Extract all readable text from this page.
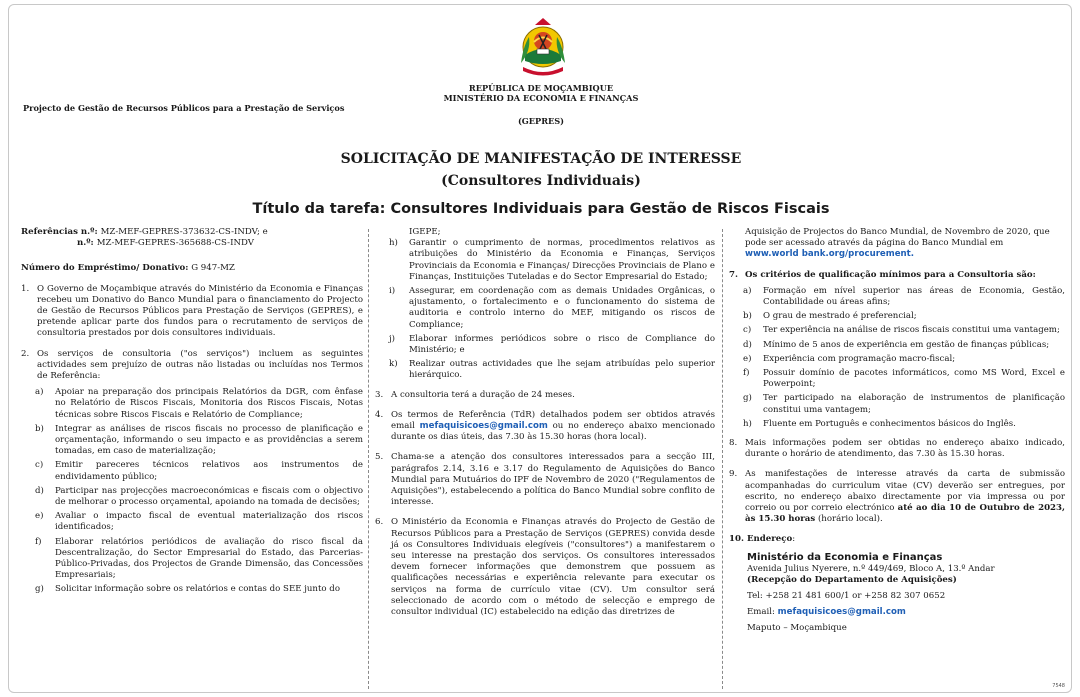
REPÚBLICA DE MOÇAMBIQUE
MINISTÉRIO DA ECONOMIA E FINANÇAS
Projecto de Gestão de Recursos Públicos para a Prestação de Serviços
(GEPRES)
SOLICITAÇÃO DE MANIFESTAÇÃO DE INTERESSE
(Consultores Individuais)
Título da tarefa: Consultores Individuais para Gestão de Riscos Fiscais
Referências n.º: MZ-MEF-GEPRES-373632-CS-INDV; e
n.º: MZ-MEF-GEPRES-365688-CS-INDV

Número do Empréstimo/ Donativo: G 947-MZ

1. O Governo de Moçambique através do Ministério da Economia e Finanças recebeu um Donativo do Banco Mundial para o financiamento do Projecto de Gestão de Recursos Públicos para Prestação de Serviços (GEPRES), e pretende aplicar parte dos fundos para o recrutamento de serviços de consultoria prestados por dois consultores individuais.
2. Os serviços de consultoria ("os serviços") incluem as seguintes actividades sem prejuízo de outras não listadas ou incluídas nos Termos de Referência:
a)	Apoiar na preparação dos principais Relatórios da DGR, com ênfase no Relatório de Riscos Fiscais, Monitoria dos Riscos Fiscais, Notas técnicas sobre Riscos Fiscais e Relatório de Compliance;
b)	Integrar as análises de riscos fiscais no processo de planificação e orçamentação, informando o seu impacto e as providências a serem tomadas, em caso de materialização;
c)	Emitir pareceres técnicos relativos aos instrumentos de endividamento público;
d)	Participar nas projecções macroeconómicas e fiscais com o objectivo de melhorar o processo orçamental, apoiando na tomada de decisões;
e)	Avaliar o impacto fiscal de eventual materialização dos riscos identificados;
f)	Elaborar relatórios periódicos de avaliação do risco fiscal da Descentralização, do Sector Empresarial do Estado, das Parcerias-Público-Privadas, dos Projectos de Grande Dimensão, das Concessões Empresariais;
g)	Solicitar informação sobre os relatórios e contas do SEE junto do

IGEPE;

h)	Garantir o cumprimento de normas, procedimentos relativos as atribuições do Ministério da Economia e Finanças, Serviços Provinciais da Economia e Finanças/ Direcções Provinciais de Plano e Finanças, Instituições Tuteladas e do Sector Empresarial do Estado;
i)	Assegurar, em coordenação com as demais Unidades Orgânicas, o ajustamento, o fortalecimento e o funcionamento do sistema de auditoria e controlo interno do MEF, mitigando os riscos de Compliance;
j)	Elaborar informes periódicos sobre o risco de Compliance do Ministério; e
k)	Realizar outras actividades que lhe sejam atribuídas pelo superior hierárquico.
3. A consultoria terá a duração de 24 meses.
4. Os termos de Referência (TdR) detalhados podem ser obtidos através email mefaquisicoes@gmail.com ou no endereço abaixo mencionado durante os dias úteis, das 7.30 às 15.30 horas (hora local).
5. Chama-se a atenção dos consultores interessados para a secção III, parágrafos 2.14, 3.16 e 3.17 do Regulamento de Aquisições do Banco Mundial para Mutuários do IPF de Novembro de 2020 ("Regulamentos de Aquisições"), estabelecendo a política do Banco Mundial sobre conflito de interesse.
6. O Ministério da Economia e Finanças através do Projecto de Gestão de Recursos Públicos para a Prestação de Serviços (GEPRES) convida desde já os Consultores Individuais elegíveis ("consultores") a manifestarem o seu interesse na prestação dos serviços. Os consultores interessados devem fornecer informações que demonstrem que possuem as qualificações necessárias e experiência relevante para executar os serviços na forma de currículo vitae (CV). Um consultor será seleccionado de acordo com o método de selecção e emprego de consultor individual (IC) estabelecido na edição das diretrizes de

Aquisição de Projectos do Banco Mundial, de Novembro de 2020, que pode ser acessado através da página do Banco Mundial em

www.world bank.org/procurement.

7. Os critérios de qualificação mínimos para a Consultoria são:
a)	Formação em nível superior nas áreas de Economia, Gestão, Contabilidade ou áreas afins;
b)	O grau de mestrado é preferencial;
c)	Ter experiência na análise de riscos fiscais constitui uma vantagem;
d)	Mínimo de 5 anos de experiência em gestão de finanças públicas;
e)	Experiência com programação macro-fiscal;
f)	Possuir domínio de pacotes informáticos, como MS Word, Excel e Powerpoint;
g)	Ter participado na elaboração de instrumentos de planificação constitui uma vantagem;
h)	Fluente em Português e conhecimentos básicos do Inglês.
8. Mais informações podem ser obtidas no endereço abaixo indicado, durante o horário de atendimento, das 7.30 às 15.30 horas.
9. As manifestações de interesse através da carta de submissão acompanhadas do curriculum vitae (CV) deverão ser entregues, por escrito, no endereço abaixo directamente por via impressa ou por correio ou por correio electrónico até ao dia 10 de Outubro de 2023, às 15.30 horas (horário local).

10. Endereço:

Ministério da Economia e Finanças

Avenida Julius Nyerere, n.º 449/469, Bloco A, 13.º Andar

(Recepção do Departamento de Aquisições)

Tel: +258 21 481 600/1 or +258 82 307 0652

Email: mefaquisicoes@gmail.com

Maputo – Moçambique

7548
